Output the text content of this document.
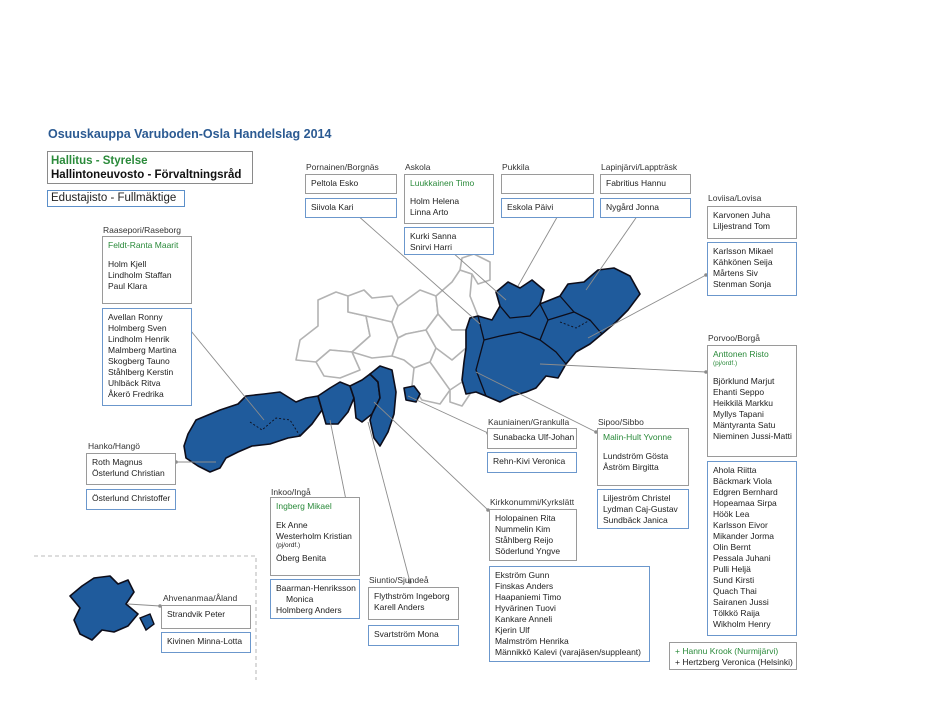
Osuuskauppa Varuboden-Osla Handelslag 2014
Hallitus - Styrelse
Hallintoneuvosto - Förvaltningsråd
Edustajisto - Fullmäktige
Pornainen/Borgnäs
Peltola Esko
Siivola Kari
Askola
Luukkainen Timo
Holm Helena
Linna Arto
Kurki Sanna
Snirvi Harri
Pukkila
Eskola Päivi
Lapinjärvi/Lappträsk
Fabritius Hannu
Nygård Jonna
Loviisa/Lovisa
Karvonen Juha
Liljestrand Tom
Karlsson Mikael
Kähkönen Seija
Mårtens Siv
Stenman Sonja
Raasepori/Raseborg
Feldt-Ranta Maarit
Holm Kjell
Lindholm Staffan
Paul Klara
Avellan Ronny
Holmberg Sven
Lindholm Henrik
Malmberg Martina
Skogberg Tauno
Ståhlberg Kerstin
Uhlbäck Ritva
Åkerö Fredrika
Porvoo/Borgå
Anttonen Risto
(pj/ordf.)
Björklund Marjut
Ehanti Seppo
Heikkilä Markku
Myllys Tapani
Mäntyranta Satu
Nieminen Jussi-Matti
Ahola Riitta
Bäckmark Viola
Edgren Bernhard
Hopeamaa Sirpa
Höök Lea
Karlsson Eivor
Mikander Jorma
Olin Bernt
Pessala Juhani
Pulli Heljä
Sund Kirsti
Quach Thai
Sairanen Jussi
Tölkkö Raija
Wikholm Henry
+ Hannu Krook (Nurmijärvi)
+ Hertzberg Veronica (Helsinki)
Kauniainen/Grankulla
Sunabacka Ulf-Johan
Rehn-Kivi Veronica
Sipoo/Sibbo
Malin-Hult Yvonne
Lundström Gösta
Åström Birgitta
Liljeström Christel
Lydman Caj-Gustav
Sundbäck Janica
Hanko/Hangö
Roth Magnus
Österlund Christian
Österlund Christoffer
Inkoo/Ingå
Ingberg Mikael
Ek Anne
Westerholm Kristian
(pj/ordf.)
Öberg Benita
Baarman-Henriksson
Monica
Holmberg Anders
Kirkkonummi/Kyrkslätt
Holopainen Rita
Nummelin Kim
Ståhlberg Reijo
Söderlund Yngve
Ekström Gunn
Finskas Anders
Haapaniemi Timo
Hyvärinen Tuovi
Kankare Anneli
Kjerin Ulf
Malmström Henrika
Männikkö Kalevi (varajäsen/suppleant)
Siuntio/Sjundeå
Flythström Ingeborg
Karell Anders
Svartström Mona
Ahvenanmaa/Åland
Strandvik Peter
Kivinen Minna-Lotta
